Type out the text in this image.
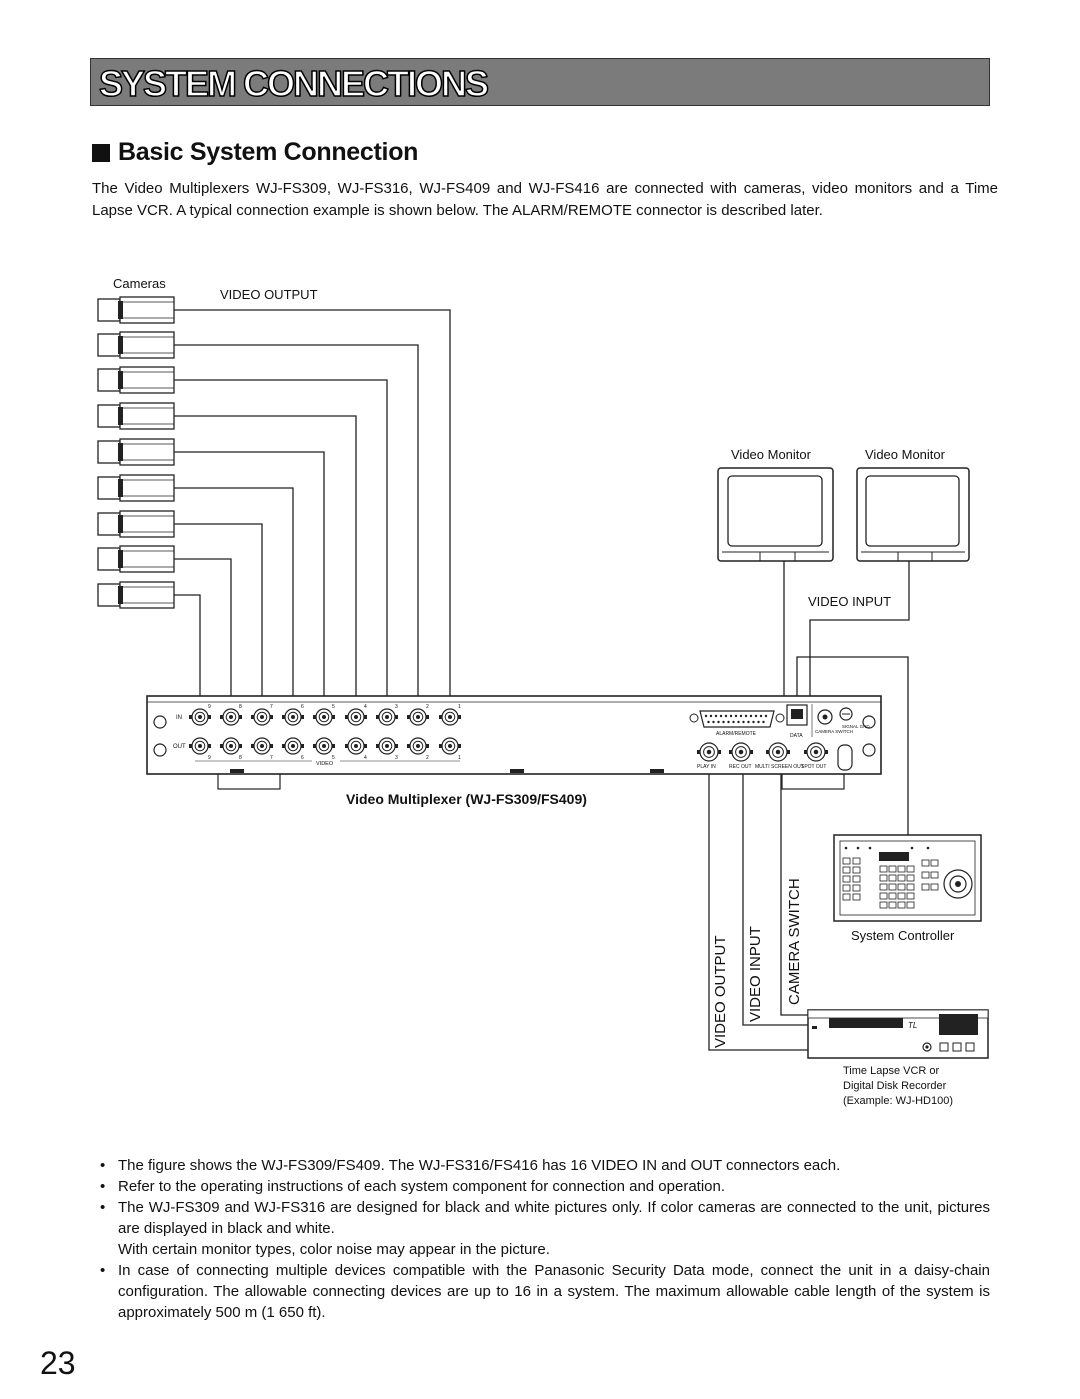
SYSTEM CONNECTIONS
Basic System Connection
The Video Multiplexers WJ-FS309, WJ-FS316, WJ-FS409 and WJ-FS416 are connected with cameras, video monitors and a Time Lapse VCR. A typical connection example is shown below. The ALARM/REMOTE connector is described later.
Cameras
VIDEO OUTPUT
Video Monitor	Video Monitor
VIDEO INPUT
IN
OUT
9	8	7	6	5	4	3	2	1
9	8	7	6	5	4	3	2	1
VIDEO
ALARM/REMOTE	DATA
CAMERA SWITCH
SIGNAL GND
PLAY IN	REC OUT MULTI SCREEN OUT
SPOT OUT
Video Multiplexer (WJ-FS309/FS409)
System Controller
VIDEO OUTPUT VIDEO INPUT CAMERA SWITCH
TL
Time Lapse VCR or
Digital Disk Recorder
(Example: WJ-HD100)
• The figure shows the WJ-FS309/FS409. The WJ-FS316/FS416 has 16 VIDEO IN and OUT connectors each.

• Refer to the operating instructions of each system component for connection and operation.

• The WJ-FS309 and WJ-FS316 are designed for black and white pictures only. If color cameras are connected to the unit, pictures are displayed in black and white.

With certain monitor types, color noise may appear in the picture.

• In case of connecting multiple devices compatible with the Panasonic Security Data mode, connect the unit in a daisy-chain configuration. The allowable connecting devices are up to 16 in a system. The maximum allowable cable length of the system is approximately 500 m (1 650 ft).

23
